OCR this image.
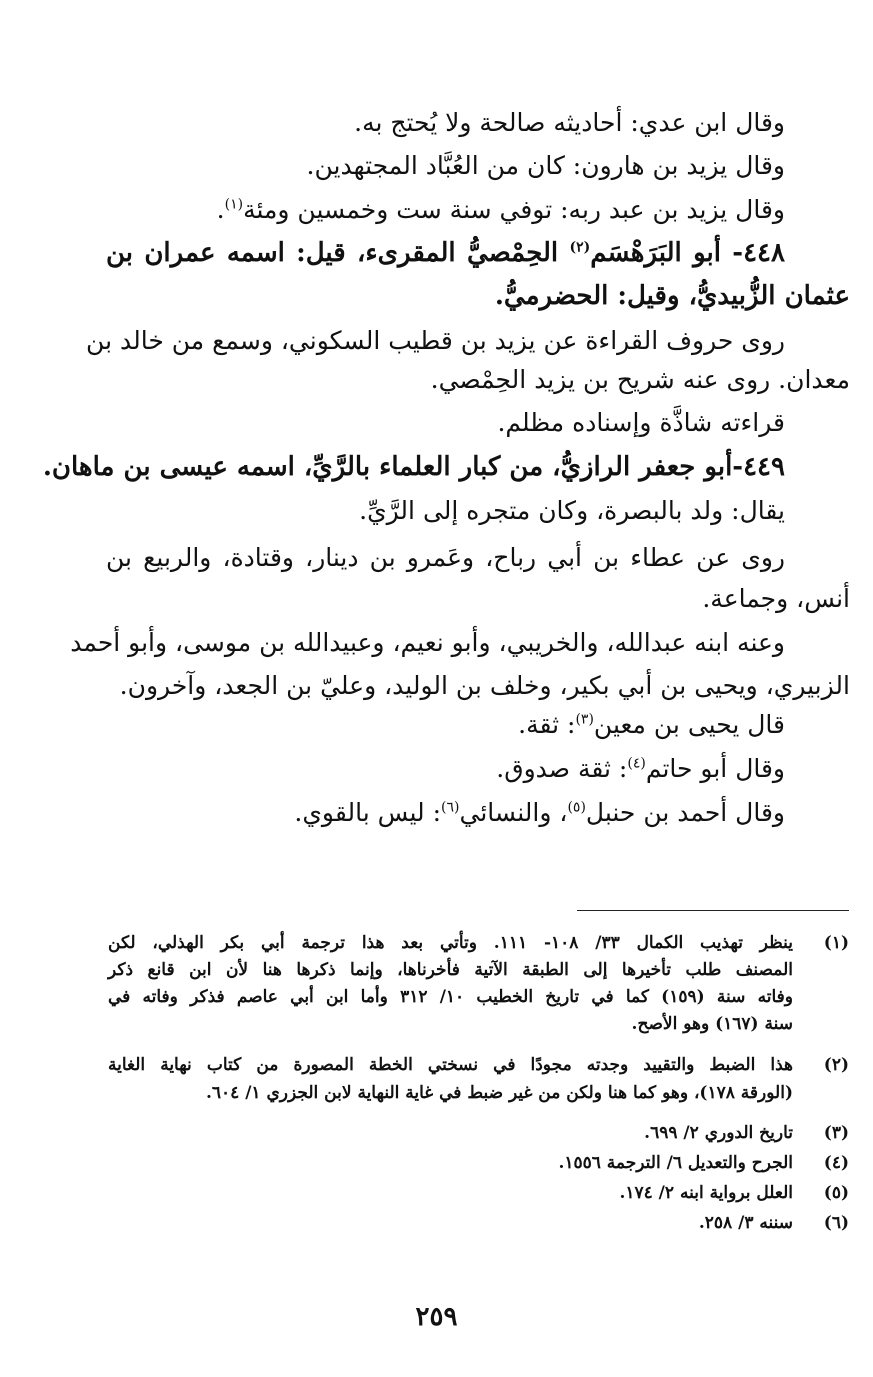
وقال ابن عدي: أحاديثه صالحة ولا يُحتج به.
وقال يزيد بن هارون: كان من العُبَّاد المجتهدين.
وقال يزيد بن عبد ربه: توفي سنة ست وخمسين ومئة$^{(١)}$.
٤٤٨- أبو البَرَهْسَم$^{(٢)}$ الحِمْصيُّ المقرىء، قيل: اسمه عمران بن
عثمان الزُّبيديُّ، وقيل: الحضرميُّ.
روى حروف القراءة عن يزيد بن قطيب السكوني، وسمع من خالد بن
معدان. روى عنه شريح بن يزيد الحِمْصي.
قراءته شاذَّة وإسناده مظلم.
٤٤٩-أبو جعفر الرازيُّ، من كبار العلماء بالرَّيِّ، اسمه عيسى بن ماهان.
يقال: ولد بالبصرة، وكان متجره إلى الرَّيِّ.
روى عن عطاء بن أبي رباح، وعَمرو بن دينار، وقتادة، والربيع بن
أنس، وجماعة.
وعنه ابنه عبدالله، والخريبي، وأبو نعيم، وعبيدالله بن موسى، وأبو أحمد
الزبيري، ويحيى بن أبي بكير، وخلف بن الوليد، وعليّ بن الجعد، وآخرون.
قال يحيى بن معين$^{(٣)}$: ثقة.
وقال أبو حاتم$^{(٤)}$: ثقة صدوق.
وقال أحمد بن حنبل$^{(٥)}$، والنسائي$^{(٦)}$: ليس بالقوي.
(١)
ينظر تهذيب الكمال ٣٣/ ١٠٨- ١١١. وتأتي بعد هذا ترجمة أبي بكر الهذلي، لكن
المصنف طلب تأخيرها إلى الطبقة الآتية فأخرناها، وإنما ذكرها هنا لأن ابن قانع ذكر
وفاته سنة (١٥٩) كما في تاريخ الخطيب ١٠/ ٣١٢ وأما ابن أبي عاصم فذكر وفاته في
سنة (١٦٧) وهو الأصح.
(٢)
هذا الضبط والتقييد وجدته مجودًا في نسختي الخطة المصورة من كتاب نهاية الغاية
(الورقة ١٧٨)، وهو كما هنا ولكن من غير ضبط في غاية النهاية لابن الجزري ١/ ٦٠٤.
(٣)
تاريخ الدوري ٢/ ٦٩٩.
(٤)
الجرح والتعديل ٦/ الترجمة ١٥٥٦.
(٥)
العلل برواية ابنه ٢/ ١٧٤.
(٦)
سننه ٣/ ٢٥٨.
٢٥٩
